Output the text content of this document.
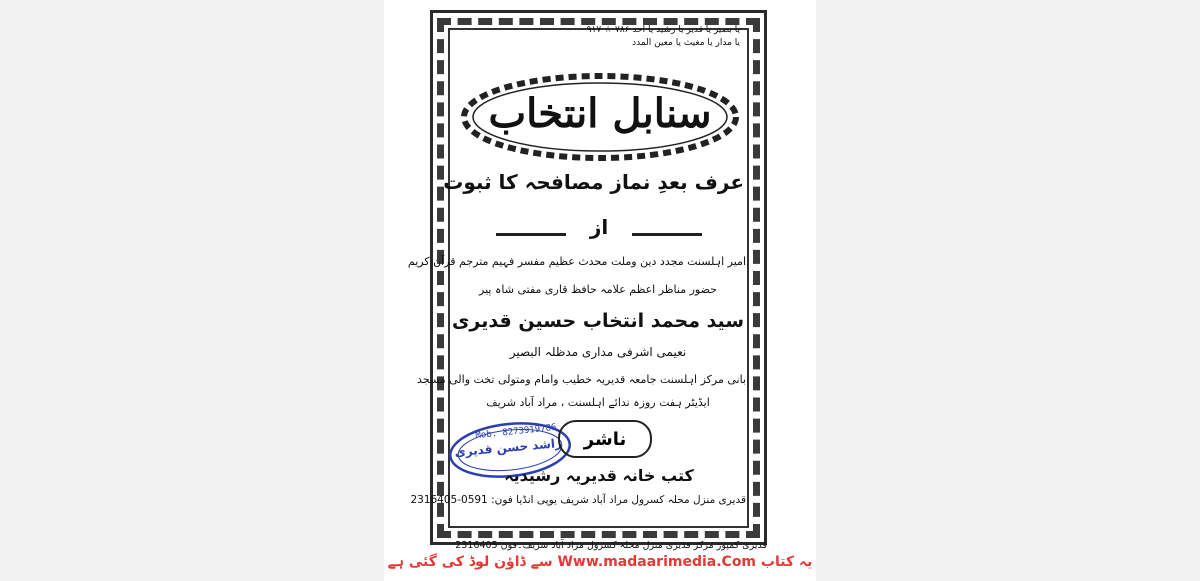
یا بصیر یا قدیر یا رشید یا احد ۷۸۶ ☆ ۹۱۷
یا مدار یا مغیث یا معین المدد
سنابل انتخاب
عرف بعدِ نماز مصافحہ کا ثبوت
از
امیر اہلسنت مجدد دین وملت محدث عظیم مفسر فہیم مترجم قرآن کریم
حضور مناظر اعظم علامہ حافظ قاری مفتی شاہ پیر
سید محمد انتخاب حسین قدیری
نعیمی اشرفی مداری مدظلہ البصیر
بانی مرکز اہلسنت جامعہ قدیریہ خطیب وامام ومتولی تخت والی مسجد
ایڈیٹر ہفت روزہ ندائے اہلسنت ، مراد آباد شریف
Mob. 8273919786
راشد حسن قدیری	ناشر
کتب خانہ قدیریہ رشیدیہ
قدیری منزل محلہ کسرول مراد آباد شریف یوپی انڈیا فون: 0591-2316405
قدیری کمپوز مرکز قدیری منزل محلہ کسرول مراد آباد شریف۔فون 2316405
یہ کتاب Www.madaarimedia.Com سے ڈاؤن لوڈ کی گئی ہے
